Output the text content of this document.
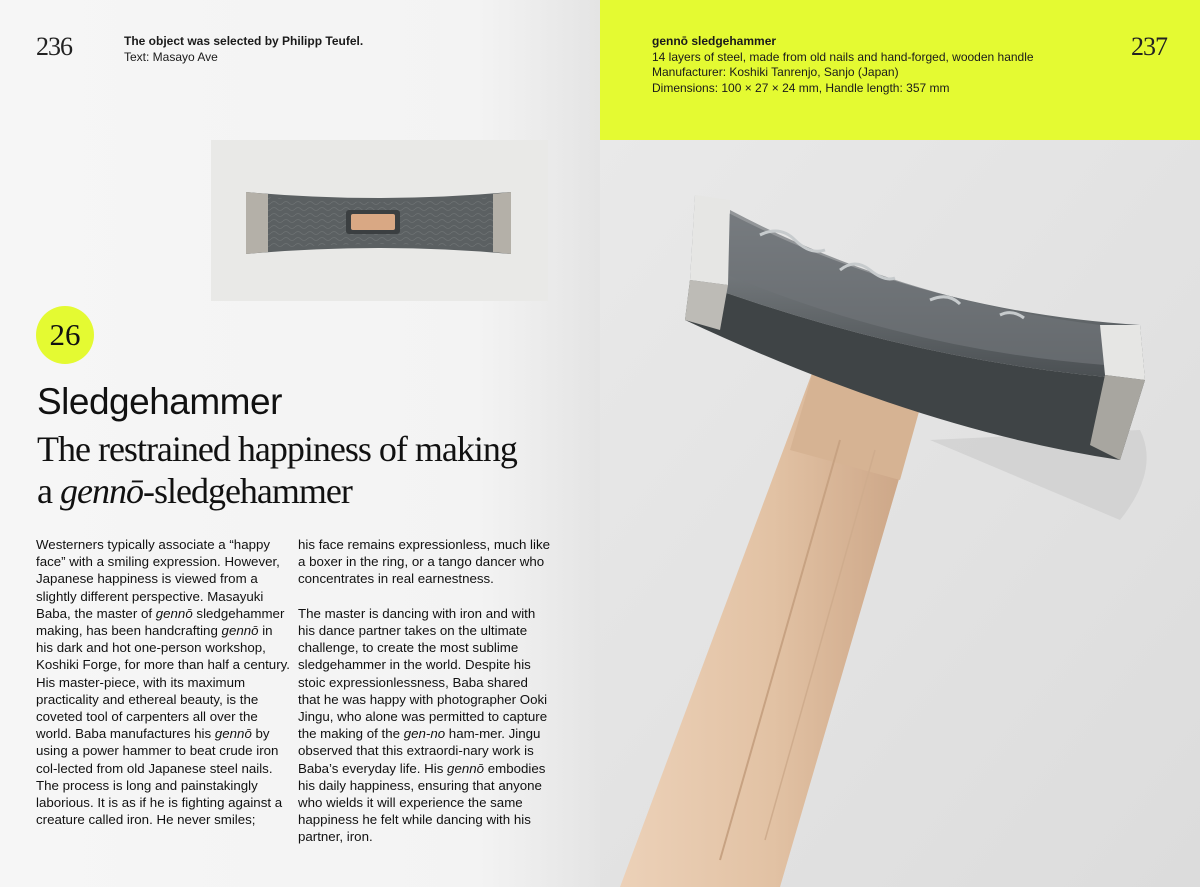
236	The object was selected by Philipp Teufel.
Text: Masayo Ave
26
Sledgehammer

The restrained happiness of making

a gennō-sledgehammer

Westerners typically associate a “happy face” with a smiling expression. However, Japanese happiness is viewed from a slightly different perspective. Masayuki Baba, the master of gennō sledgehammer making, has been handcrafting gennō in his dark and hot one-person workshop, Koshiki Forge, for more than half a century. His master-piece, with its maximum practicality and ethereal beauty, is the coveted tool of carpenters all over the world. Baba manufactures his gennō by using a power hammer to beat crude iron col-lected from old Japanese steel nails. The process is long and painstakingly laborious. It is as if he is fighting against a creature called iron. He never smiles;

his face remains expressionless, much like a boxer in the ring, or a tango dancer who concentrates in real earnestness.

The master is dancing with iron and with his dance partner takes on the ultimate challenge, to create the most sublime sledgehammer in the world. Despite his stoic expressionlessness, Baba shared that he was happy with photographer Ooki Jingu, who alone was permitted to capture the making of the gen-no ham-mer. Jingu observed that this extraordi-nary work is Baba’s everyday life. His gennō embodies his daily happiness, ensuring that anyone who wields it will experience the same happiness he felt while dancing with his partner, iron.

gennō sledgehammer
14 layers of steel, made from old nails and hand-forged, wooden handle
Manufacturer: Koshiki Tanrenjo, Sanjo (Japan)
Dimensions: 100 × 27 × 24 mm, Handle length: 357 mm
237
